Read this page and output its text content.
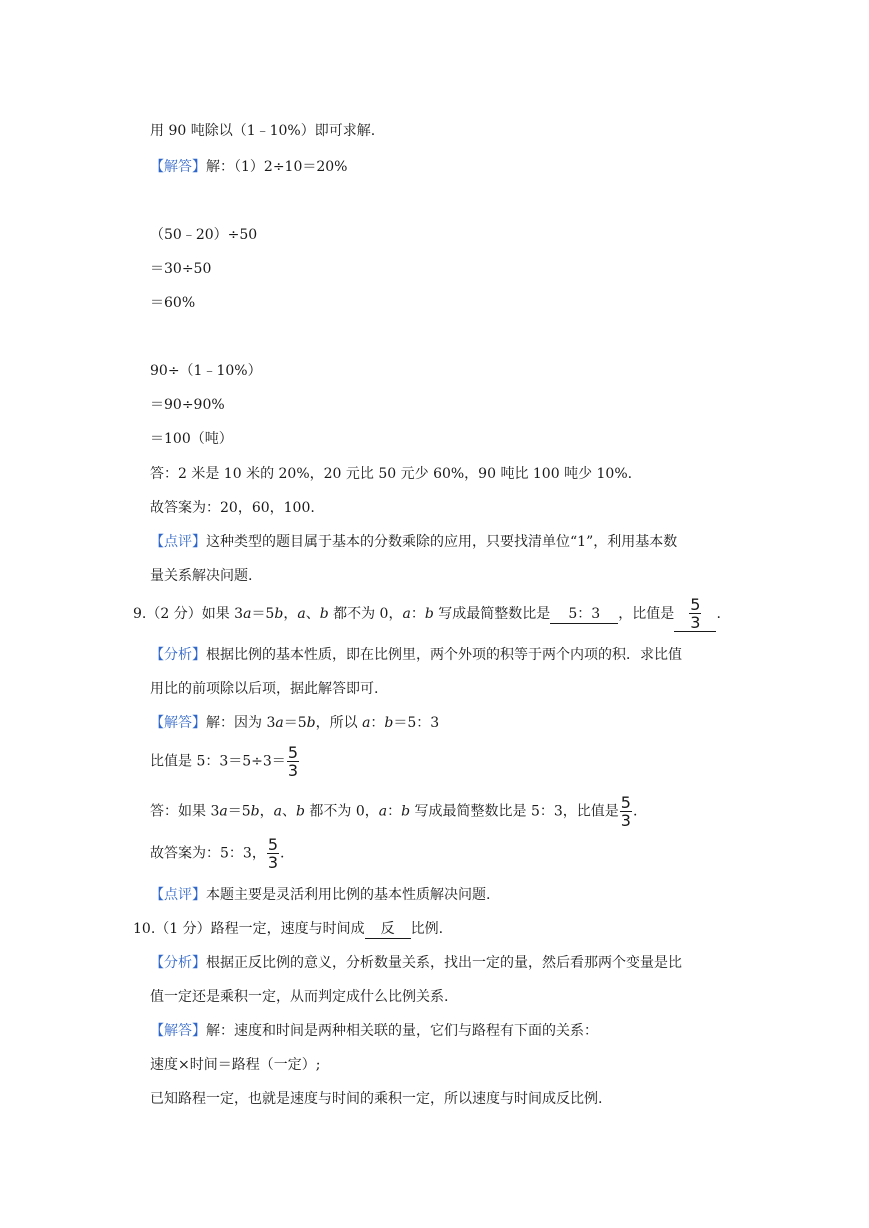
用 90 吨除以（1﹣10%）即可求解.
【解答】解：（1）2÷10＝20%
（50﹣20）÷50
＝30÷50
＝60%
90÷（1﹣10%）
＝90÷90%
＝100（吨）
答：2 米是 10 米的 20%，20 元比 50 元少 60%，90 吨比 100 吨少 10%.
故答案为：20，60，100.
【点评】这种类型的题目属于基本的分数乘除的应用，只要找清单位“1”，利用基本数
量关系解决问题.
9.（2 分）如果 3a＝5b，a、b 都不为 0，a：b 写成最简整数比是 5：3 ，比值是 $\frac{5}{3}$ .
【分析】根据比例的基本性质，即在比例里，两个外项的积等于两个内项的积．求比值
用比的前项除以后项，据此解答即可.
【解答】解：因为 3a＝5b，所以 a：b＝5：3
比值是 5：$3=5\div 3= \frac{5}{3}$
答：如果 3a＝5b，a、b 都不为 0，a：b 写成最简整数比是 5：3，比值是 $\frac{5}{3}$ .
故答案为：5：3， $\frac{5}{3}$ .
【点评】本题主要是灵活利用比例的基本性质解决问题.
10.（1 分）路程一定，速度与时间成 反 比例.
【分析】根据正反比例的意义，分析数量关系，找出一定的量，然后看那两个变量是比
值一定还是乘积一定，从而判定成什么比例关系.
【解答】解：速度和时间是两种相关联的量，它们与路程有下面的关系：
速度×时间＝路程（一定）;
已知路程一定，也就是速度与时间的乘积一定，所以速度与时间成反比例.
